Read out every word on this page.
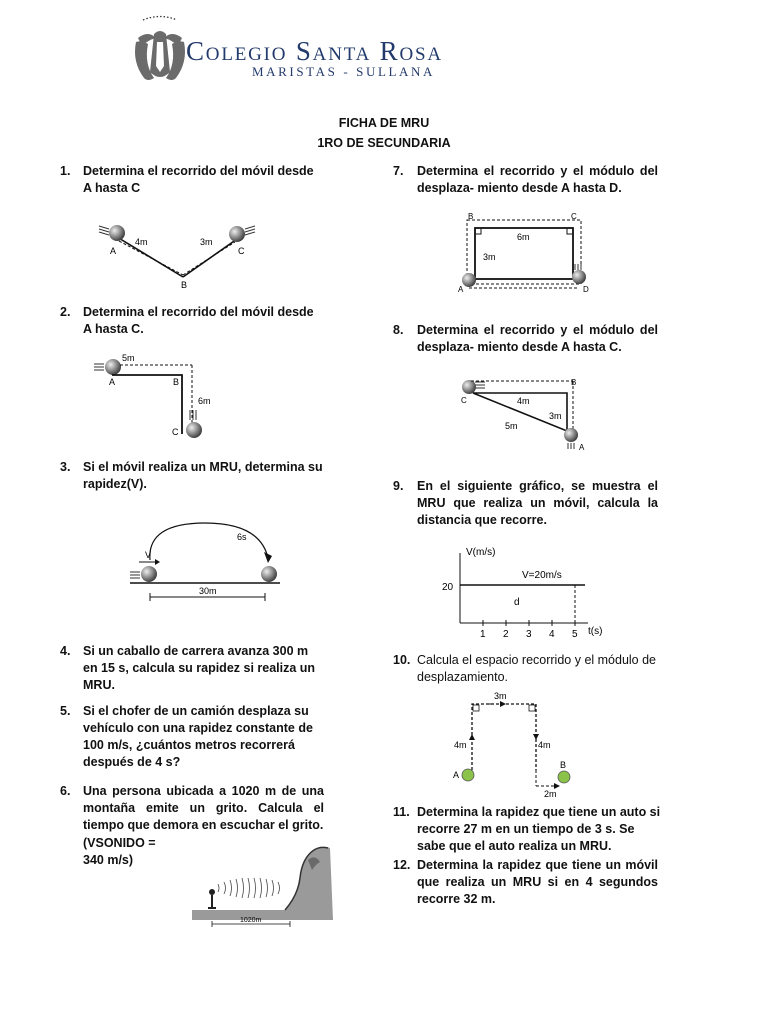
Colegio Santa Rosa
MARISTAS - SULLANA
FICHA DE MRU
1RO DE SECUNDARIA
1. Determina el recorrido del móvil desde A hasta C
2. Determina el recorrido del móvil desde A hasta C.
3. Si el móvil realiza un MRU, determina su rapidez(V).
4. Si un caballo de carrera avanza 300 m en 15 s, calcula su rapidez si realiza un MRU.
5. Si el chofer de un camión desplaza su vehículo con una rapidez constante de 100 m/s, ¿cuántos metros recorrerá después de 4 s?
6. Una persona ubicada a 1020 m de una montaña emite un grito. Calcula el tiempo que demora en escuchar el grito.
(VSONIDO =
340 m/s)
7. Determina el recorrido y el módulo del desplaza- miento desde A hasta D.
8. Determina el recorrido y el módulo del desplaza- miento desde A hasta C.
9. En el siguiente gráfico, se muestra el MRU que realiza un móvil, calcula la distancia que recorre.
10. Calcula el espacio recorrido y el módulo de desplazamiento.
11. Determina la rapidez que tiene un auto si recorre 27 m en un tiempo de 3 s. Se sabe que el auto realiza un MRU.
12. Determina la rapidez que tiene un móvil que realiza un MRU si en 4 segundos recorre 32 m.
A
B
C
4m	3m
A	B
C
5m
6m
V
6s
30m
1020m
A
B	C
D
6m
3m
A
B
C	4m
3m
5m
V(m/s)
t(s)
20
V=20m/s
d
1 2 3 4 5
A
B
3m
4m	4m
2m
